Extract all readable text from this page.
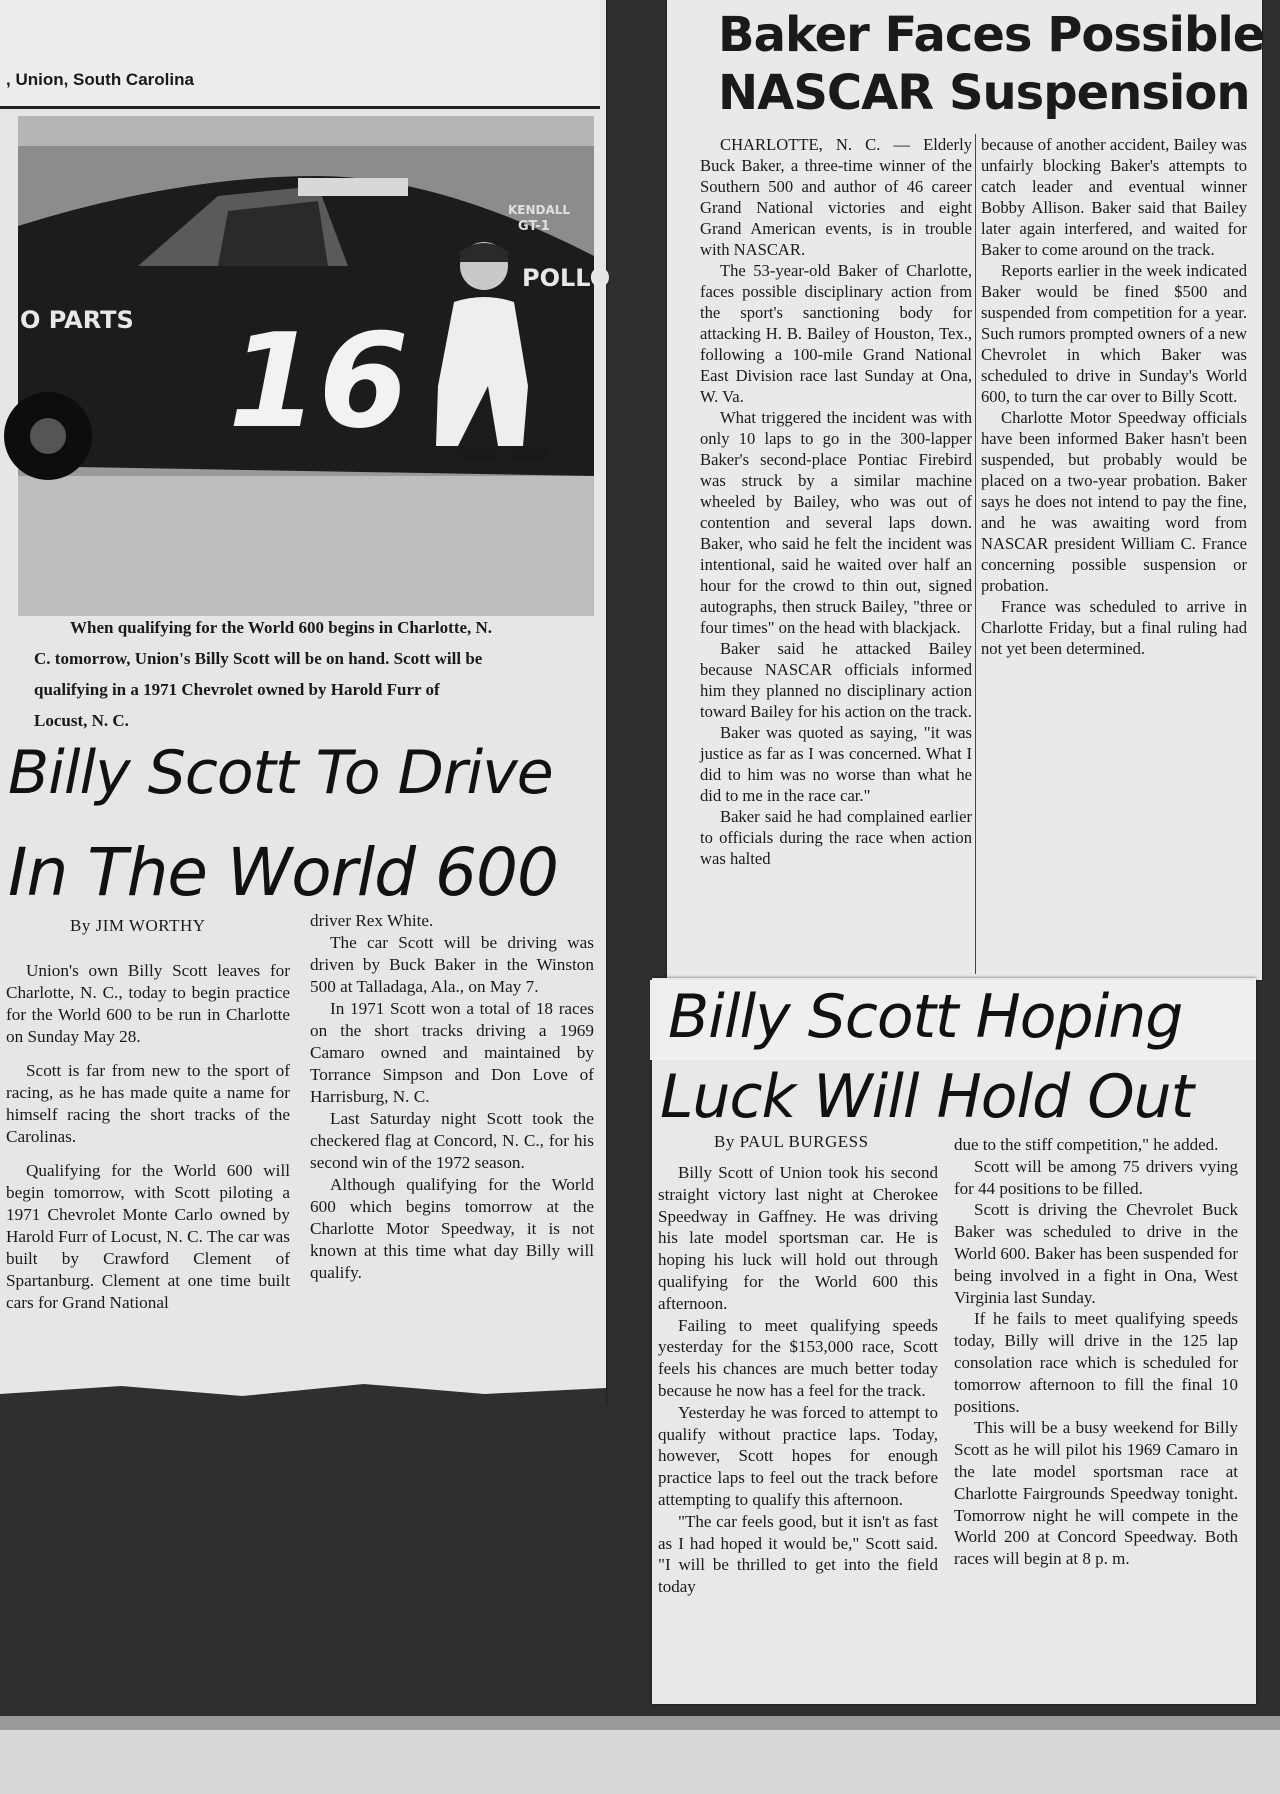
, Union, South Carolina
KENDALL
GT-1
O PARTS
POLLO
16
When qualifying for the World 600 begins in Charlotte, N.
C. tomorrow, Union's Billy Scott will be on hand. Scott will be
qualifying in a 1971 Chevrolet owned by Harold Furr of
Locust, N. C.
Billy Scott To Drive
In The World 600
By JIM WORTHY

Union's own Billy Scott leaves for Charlotte, N. C., today to begin practice for the World 600 to be run in Charlotte on Sunday May 28.

Scott is far from new to the sport of racing, as he has made quite a name for himself racing the short tracks of the Carolinas.

Qualifying for the World 600 will begin tomorrow, with Scott piloting a 1971 Chevrolet Monte Carlo owned by Harold Furr of Locust, N. C. The car was built by Crawford Clement of Spartanburg. Clement at one time built cars for Grand National

driver Rex White.

The car Scott will be driving was driven by Buck Baker in the Winston 500 at Talladaga, Ala., on May 7.

In 1971 Scott won a total of 18 races on the short tracks driving a 1969 Camaro owned and maintained by Torrance Simpson and Don Love of Harrisburg, N. C.

Last Saturday night Scott took the checkered flag at Concord, N. C., for his second win of the 1972 season.

Although qualifying for the World 600 which begins tomorrow at the Charlotte Motor Speedway, it is not known at this time what day Billy will qualify.

Baker Faces Possible
NASCAR Suspension

CHARLOTTE, N. C. — Elderly Buck Baker, a three-time winner of the Southern 500 and author of 46 career Grand National victories and eight Grand American events, is in trouble with NASCAR.

The 53-year-old Baker of Charlotte, faces possible disciplinary action from the sport's sanctioning body for attacking H. B. Bailey of Houston, Tex., following a 100-mile Grand National East Division race last Sunday at Ona, W. Va.

What triggered the incident was with only 10 laps to go in the 300-lapper Baker's second-place Pontiac Firebird was struck by a similar machine wheeled by Bailey, who was out of contention and several laps down. Baker, who said he felt the incident was intentional, said he waited over half an hour for the crowd to thin out, signed autographs, then struck Bailey, "three or four times" on the head with blackjack.

Baker said he attacked Bailey because NASCAR officials informed him they planned no disciplinary action toward Bailey for his action on the track.

Baker was quoted as saying, "it was justice as far as I was concerned. What I did to him was no worse than what he did to me in the race car."

Baker said he had complained earlier to officials during the race when action was halted

because of another accident, Bailey was unfairly blocking Baker's attempts to catch leader and eventual winner Bobby Allison. Baker said that Bailey later again interfered, and waited for Baker to come around on the track.

Reports earlier in the week indicated Baker would be fined $500 and suspended from competition for a year. Such rumors prompted owners of a new Chevrolet in which Baker was scheduled to drive in Sunday's World 600, to turn the car over to Billy Scott.

Charlotte Motor Speedway officials have been informed Baker hasn't been suspended, but probably would be placed on a two-year probation. Baker says he does not intend to pay the fine, and he was awaiting word from NASCAR president William C. France concerning possible suspension or probation.

France was scheduled to arrive in Charlotte Friday, but a final ruling had not yet been determined.

Billy Scott Hoping
Luck Will Hold Out
By PAUL BURGESS

Billy Scott of Union took his second straight victory last night at Cherokee Speedway in Gaffney. He was driving his late model sportsman car. He is hoping his luck will hold out through qualifying for the World 600 this afternoon.

Failing to meet qualifying speeds yesterday for the $153,000 race, Scott feels his chances are much better today because he now has a feel for the track.

Yesterday he was forced to attempt to qualify without practice laps. Today, however, Scott hopes for enough practice laps to feel out the track before attempting to qualify this afternoon.

"The car feels good, but it isn't as fast as I had hoped it would be," Scott said. "I will be thrilled to get into the field today

due to the stiff competition," he added.

Scott will be among 75 drivers vying for 44 positions to be filled.

Scott is driving the Chevrolet Buck Baker was scheduled to drive in the World 600. Baker has been suspended for being involved in a fight in Ona, West Virginia last Sunday.

If he fails to meet qualifying speeds today, Billy will drive in the 125 lap consolation race which is scheduled for tomorrow afternoon to fill the final 10 positions.

This will be a busy weekend for Billy Scott as he will pilot his 1969 Camaro in the late model sportsman race at Charlotte Fairgrounds Speedway tonight. Tomorrow night he will compete in the World 200 at Concord Speedway. Both races will begin at 8 p. m.
